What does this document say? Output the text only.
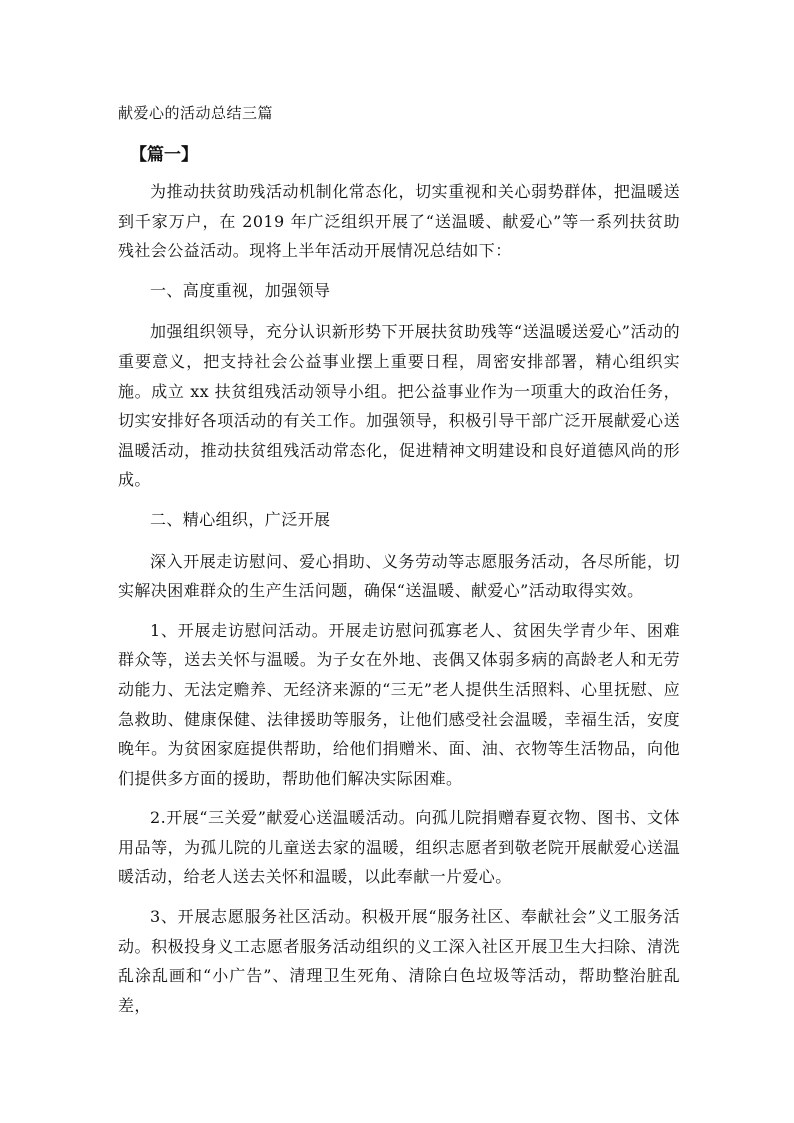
献爱心的活动总结三篇
【篇一】

为推动扶贫助残活动机制化常态化，切实重视和关心弱势群体，把温暖送到千家万户，在 2019 年广泛组织开展了“送温暖、献爱心”等一系列扶贫助残社会公益活动。现将上半年活动开展情况总结如下：

一、高度重视，加强领导

加强组织领导，充分认识新形势下开展扶贫助残等“送温暖送爱心”活动的重要意义，把支持社会公益事业摆上重要日程，周密安排部署，精心组织实施。成立 xx 扶贫组残活动领导小组。把公益事业作为一项重大的政治任务，切实安排好各项活动的有关工作。加强领导，积极引导干部广泛开展献爱心送温暖活动，推动扶贫组残活动常态化，促进精神文明建设和良好道德风尚的形成。

二、精心组织，广泛开展

深入开展走访慰问、爱心捐助、义务劳动等志愿服务活动，各尽所能，切实解决困难群众的生产生活问题，确保“送温暖、献爱心”活动取得实效。

1、开展走访慰问活动。开展走访慰问孤寡老人、贫困失学青少年、困难群众等，送去关怀与温暖。为子女在外地、丧偶又体弱多病的高龄老人和无劳动能力、无法定赡养、无经济来源的“三无”老人提供生活照料、心里抚慰、应急救助、健康保健、法律援助等服务，让他们感受社会温暖，幸福生活，安度晚年。为贫困家庭提供帮助，给他们捐赠米、面、油、衣物等生活物品，向他们提供多方面的援助，帮助他们解决实际困难。

2.开展“三关爱”献爱心送温暖活动。向孤儿院捐赠春夏衣物、图书、文体用品等，为孤儿院的儿童送去家的温暖，组织志愿者到敬老院开展献爱心送温暖活动，给老人送去关怀和温暖，以此奉献一片爱心。

3、开展志愿服务社区活动。积极开展“服务社区、奉献社会”义工服务活动。积极投身义工志愿者服务活动组织的义工深入社区开展卫生大扫除、清洗乱涂乱画和“小广告”、清理卫生死角、清除白色垃圾等活动，帮助整治脏乱差，
